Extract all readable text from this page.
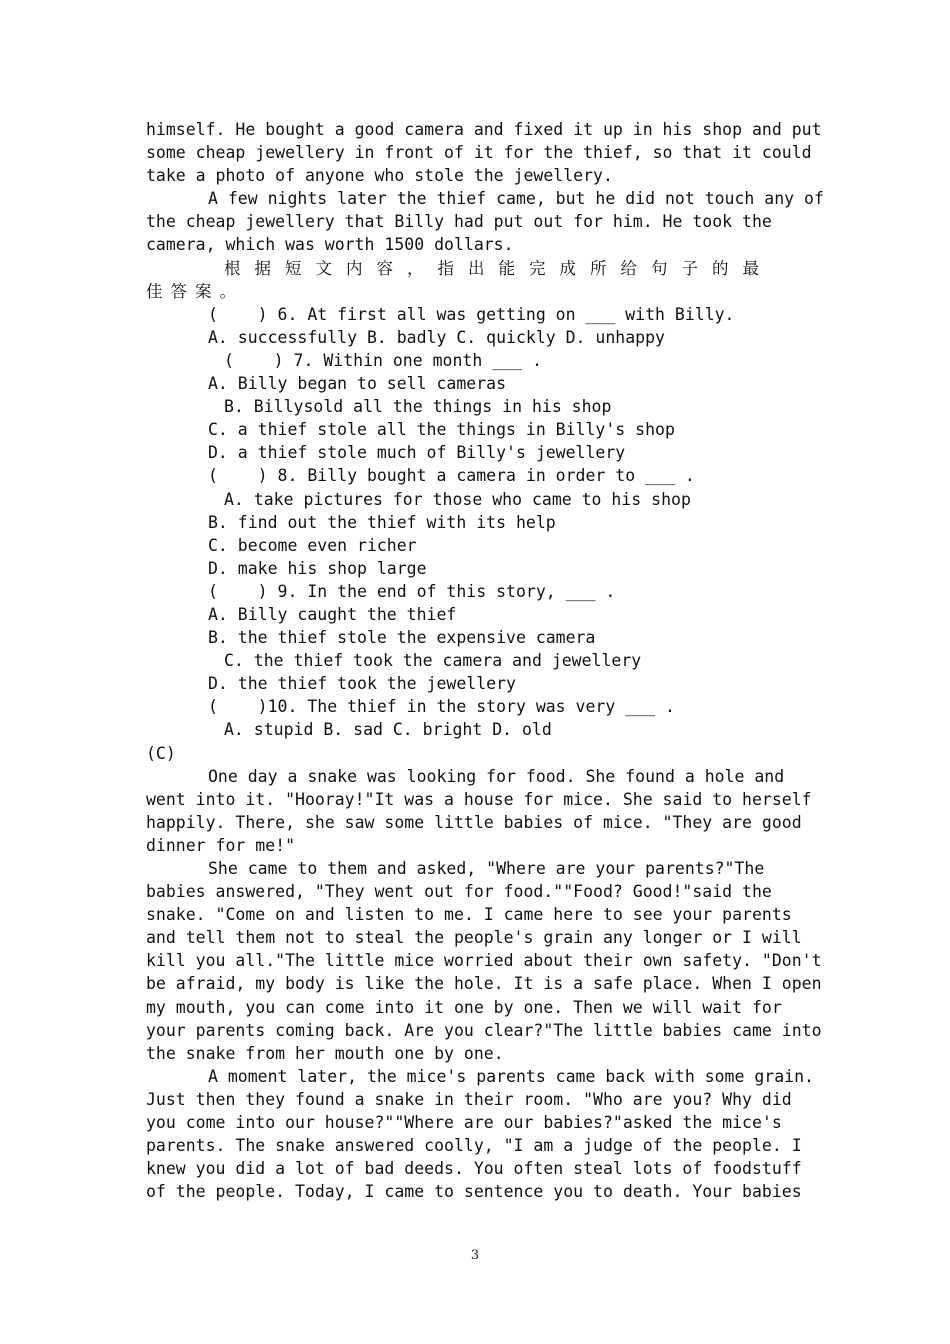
himself. He bought a good camera and fixed it up in his shop and put
some cheap jewellery in front of it for the thief, so that it could
take a photo of anyone who stole the jewellery.
A few nights later the thief came, but he did not touch any of
the cheap jewellery that Billy had put out for him. He took the
camera, which was worth 1500 dollars.
根据短文内容，指出能完成所给句子的最
佳答案。
(    ) 6. At first all was getting on ___ with Billy.
A. successfully B. badly C. quickly D. unhappy
(    ) 7. Within one month ___ .
A. Billy began to sell cameras
B. Billysold all the things in his shop
C. a thief stole all the things in Billy's shop
D. a thief stole much of Billy's jewellery
(    ) 8. Billy bought a camera in order to ___ .
A. take pictures for those who came to his shop
B. find out the thief with its help
C. become even richer
D. make his shop large
(    ) 9. In the end of this story, ___ .
A. Billy caught the thief
B. the thief stole the expensive camera
C. the thief took the camera and jewellery
D. the thief took the jewellery
(    )10. The thief in the story was very ___ .
A. stupid B. sad C. bright D. old
(C)
One day a snake was looking for food. She found a hole and
went into it. "Hooray!"It was a house for mice. She said to herself
happily. There, she saw some little babies of mice. "They are good
dinner for me!"
She came to them and asked, "Where are your parents?"The
babies answered, "They went out for food.""Food? Good!"said the
snake. "Come on and listen to me. I came here to see your parents
and tell them not to steal the people's grain any longer or I will
kill you all."The little mice worried about their own safety. "Don't
be afraid, my body is like the hole. It is a safe place. When I open
my mouth, you can come into it one by one. Then we will wait for
your parents coming back. Are you clear?"The little babies came into
the snake from her mouth one by one.
A moment later, the mice's parents came back with some grain.
Just then they found a snake in their room. "Who are you? Why did
you come into our house?""Where are our babies?"asked the mice's
parents. The snake answered coolly, "I am a judge of the people. I
knew you did a lot of bad deeds. You often steal lots of foodstuff
of the people. Today, I came to sentence you to death. Your babies
3
